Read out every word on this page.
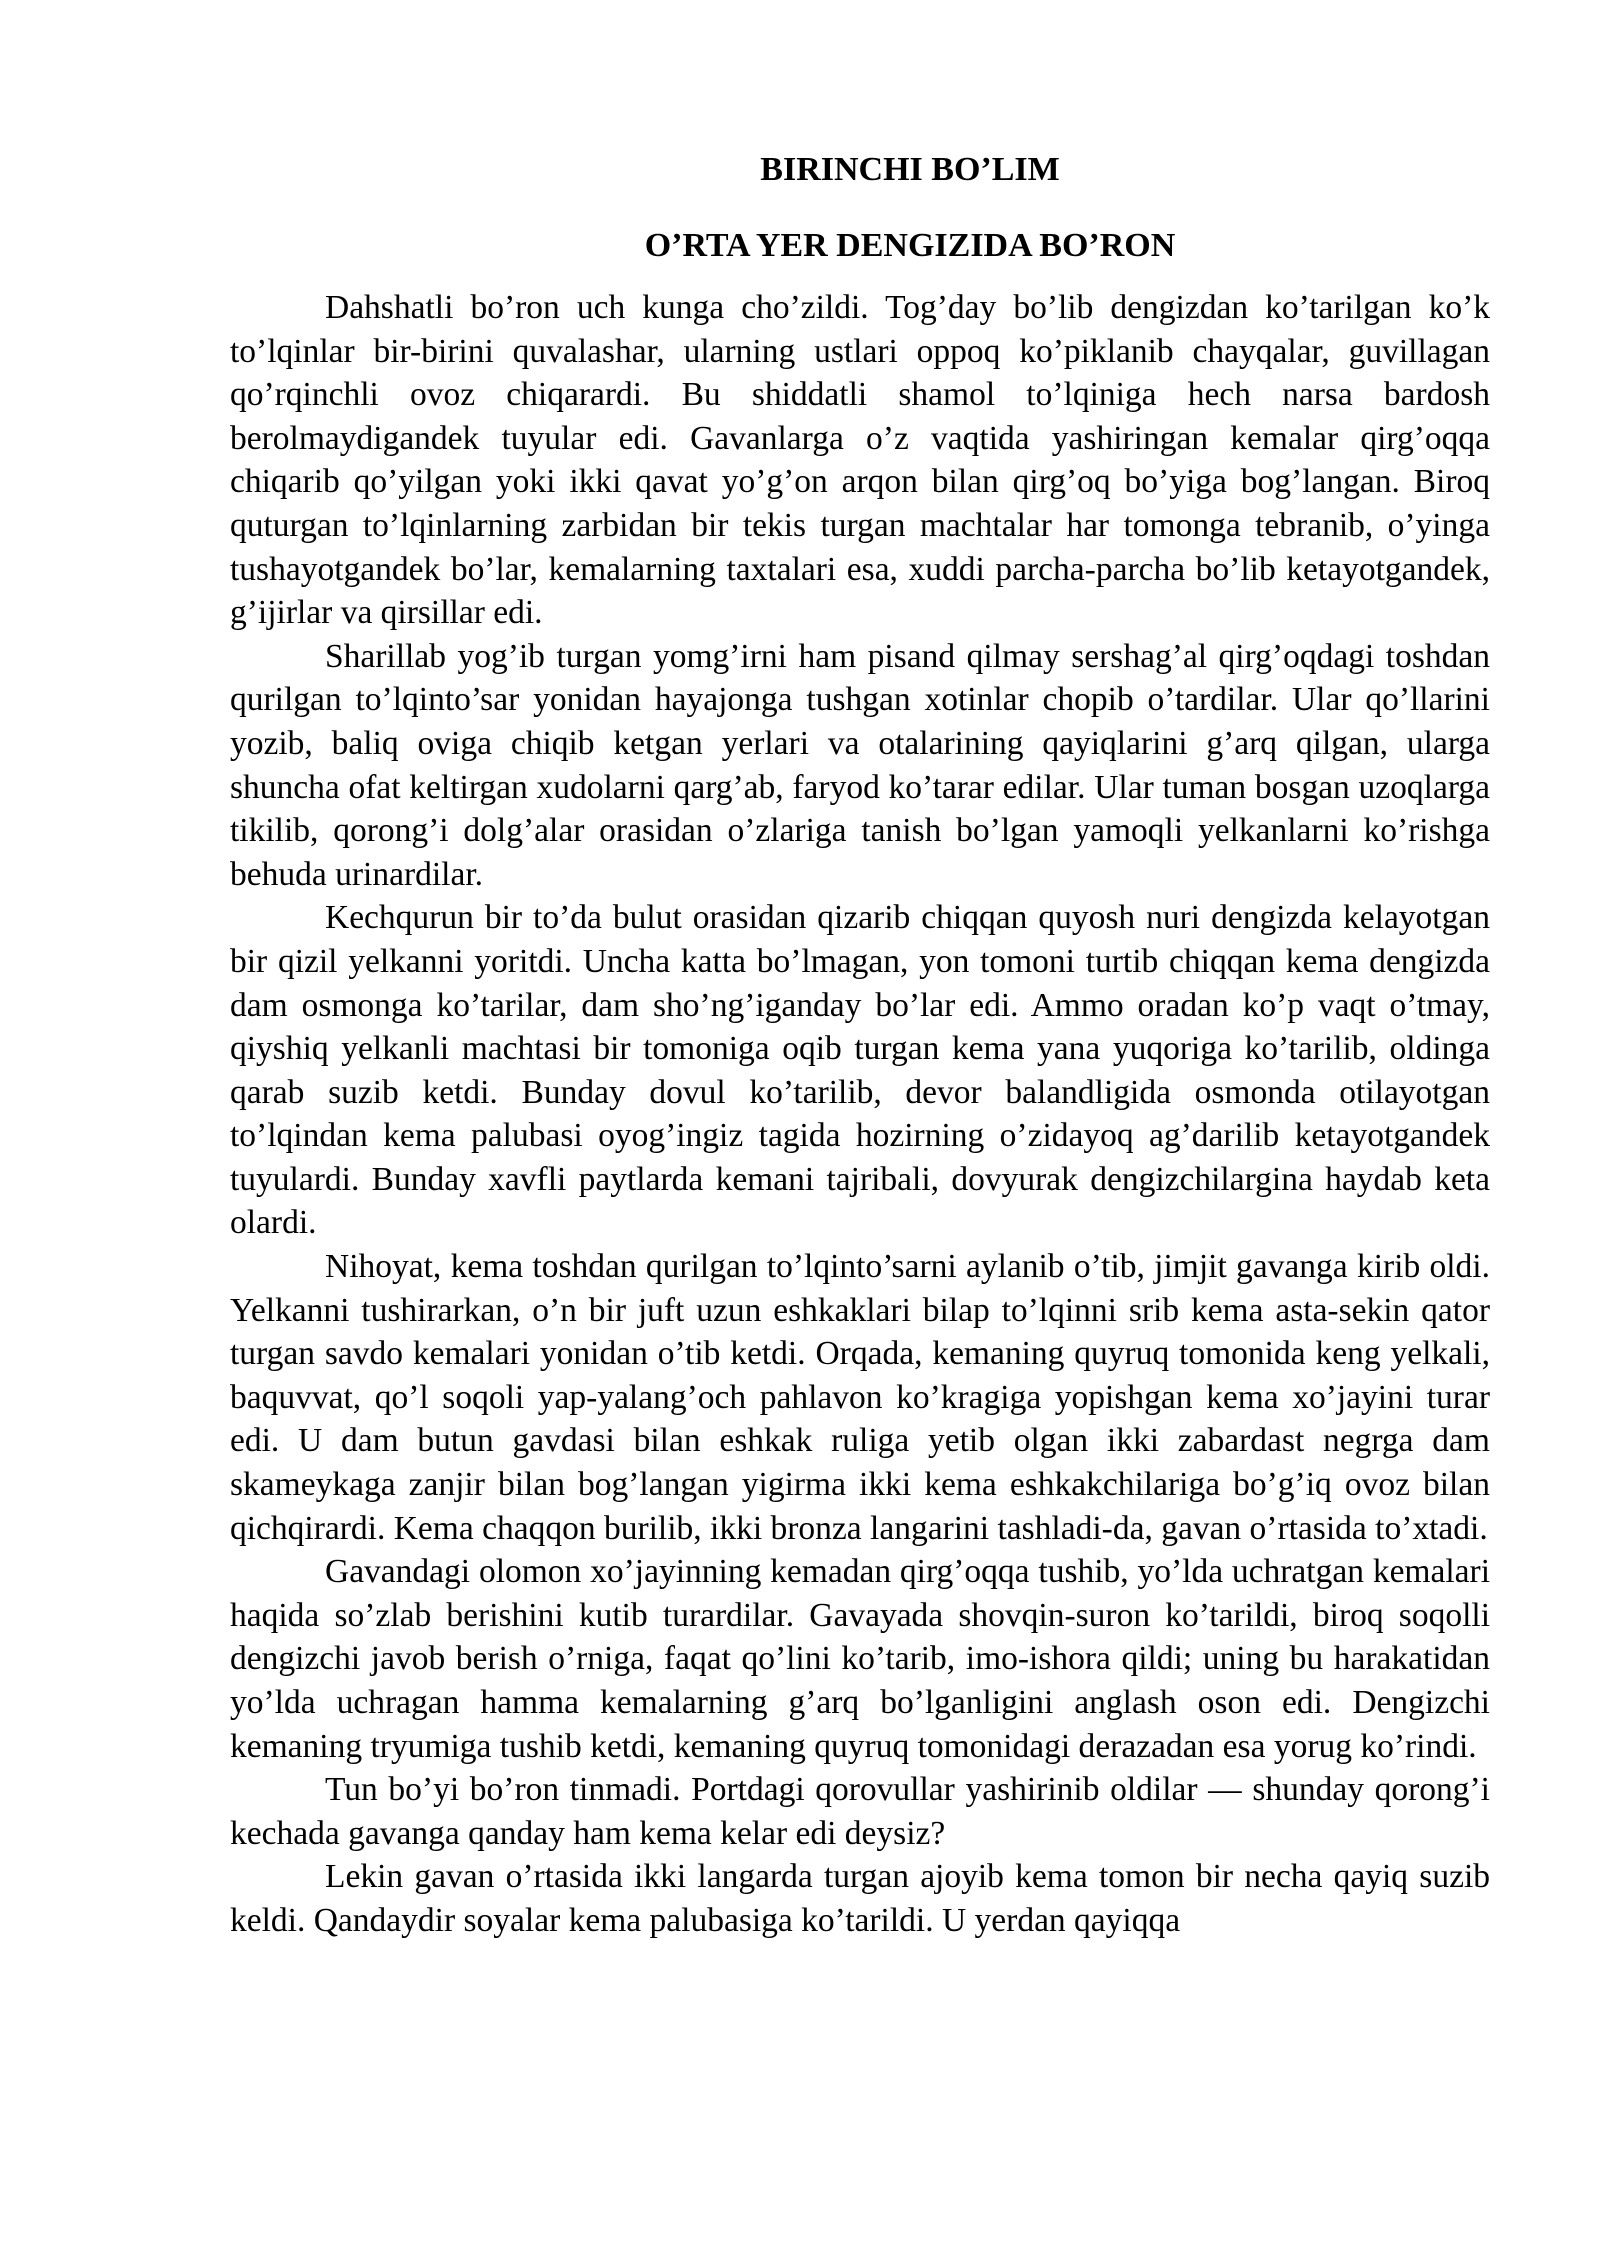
BIRINCHI BO’LIM
O’RTA YER DENGIZIDA BO’RON

Dahshatli bo’ron uch kunga cho’zildi. Tog’day bo’lib dengizdan ko’tarilgan ko’k to’lqinlar bir-birini quvalashar, ularning ustlari oppoq ko’piklanib chayqalar, guvillagan qo’rqinchli ovoz chiqarardi. Bu shiddatli shamol to’lqiniga hech narsa bardosh berolmaydigandek tuyular edi. Gavanlarga o’z vaqtida yashiringan kemalar qirg’oqqa chiqarib qo’yilgan yoki ikki qavat yo’g’on arqon bilan qirg’oq bo’yiga bog’langan. Biroq quturgan to’lqinlarning zarbidan bir tekis turgan machtalar har tomonga tebranib, o’yinga tushayotgandek bo’lar, kemalarning taxtalari esa, xuddi parcha-parcha bo’lib ketayotgandek, g’ijirlar va qirsillar edi.

Sharillab yog’ib turgan yomg’irni ham pisand qilmay sershag’al qirg’oqdagi toshdan qurilgan to’lqinto’sar yonidan hayajonga tushgan xotinlar chopib o’tardilar. Ular qo’llarini yozib, baliq oviga chiqib ketgan yerlari va otalarining qayiqlarini g’arq qilgan, ularga shuncha ofat keltirgan xudolarni qarg’ab, faryod ko’tarar edilar. Ular tuman bosgan uzoqlarga tikilib, qorong’i dolg’alar orasidan o’zlariga tanish bo’lgan yamoqli yelkanlarni ko’rishga behuda urinardilar.

Kechqurun bir to’da bulut orasidan qizarib chiqqan quyosh nuri dengizda kelayotgan bir qizil yelkanni yoritdi. Uncha katta bo’lmagan, yon tomoni turtib chiqqan kema dengizda dam osmonga ko’tarilar, dam sho’ng’iganday bo’lar edi. Ammo oradan ko’p vaqt o’tmay, qiyshiq yelkanli machtasi bir tomoniga oqib turgan kema yana yuqoriga ko’tarilib, oldinga qarab suzib ketdi. Bunday dovul ko’tarilib, devor balandligida osmonda otilayotgan to’lqindan kema palubasi oyog’ingiz tagida hozirning o’zidayoq ag’darilib ketayotgandek tuyulardi. Bunday xavfli paytlarda kemani tajribali, dovyurak dengizchilargina haydab keta olardi.

Nihoyat, kema toshdan qurilgan to’lqinto’sarni aylanib o’tib, jimjit gavanga kirib oldi. Yelkanni tushirarkan, o’n bir juft uzun eshkaklari bilap to’lqinni srib kema asta-sekin qator turgan savdo kemalari yonidan o’tib ketdi. Orqada, kemaning quyruq tomonida keng yelkali, baquvvat, qo’l soqoli yap-yalang’och pahlavon ko’kragiga yopishgan kema xo’jayini turar edi. U dam butun gavdasi bilan eshkak ruliga yetib olgan ikki zabardast negrga dam skameykaga zanjir bilan bog’langan yigirma ikki kema eshkakchilariga bo’g’iq ovoz bilan qichqirardi. Kema chaqqon burilib, ikki bronza langarini tashladi-da, gavan o’rtasida to’xtadi.

Gavandagi olomon xo’jayinning kemadan qirg’oqqa tushib, yo’lda uchratgan kemalari haqida so’zlab berishini kutib turardilar. Gavayada shovqin-suron ko’tarildi, biroq soqolli dengizchi javob berish o’rniga, faqat qo’lini ko’tarib, imo-ishora qildi; uning bu harakatidan yo’lda uchragan hamma kemalarning g’arq bo’lganligini anglash oson edi. Dengizchi kemaning tryumiga tushib ketdi, kemaning quyruq tomonidagi derazadan esa yorug ko’rindi.

Tun bo’yi bo’ron tinmadi. Portdagi qorovullar yashirinib oldilar — shunday qorong’i kechada gavanga qanday ham kema kelar edi deysiz?

Lekin gavan o’rtasida ikki langarda turgan ajoyib kema tomon bir necha qayiq suzib keldi. Qandaydir soyalar kema palubasiga ko’tarildi. U yerdan qayiqqa
